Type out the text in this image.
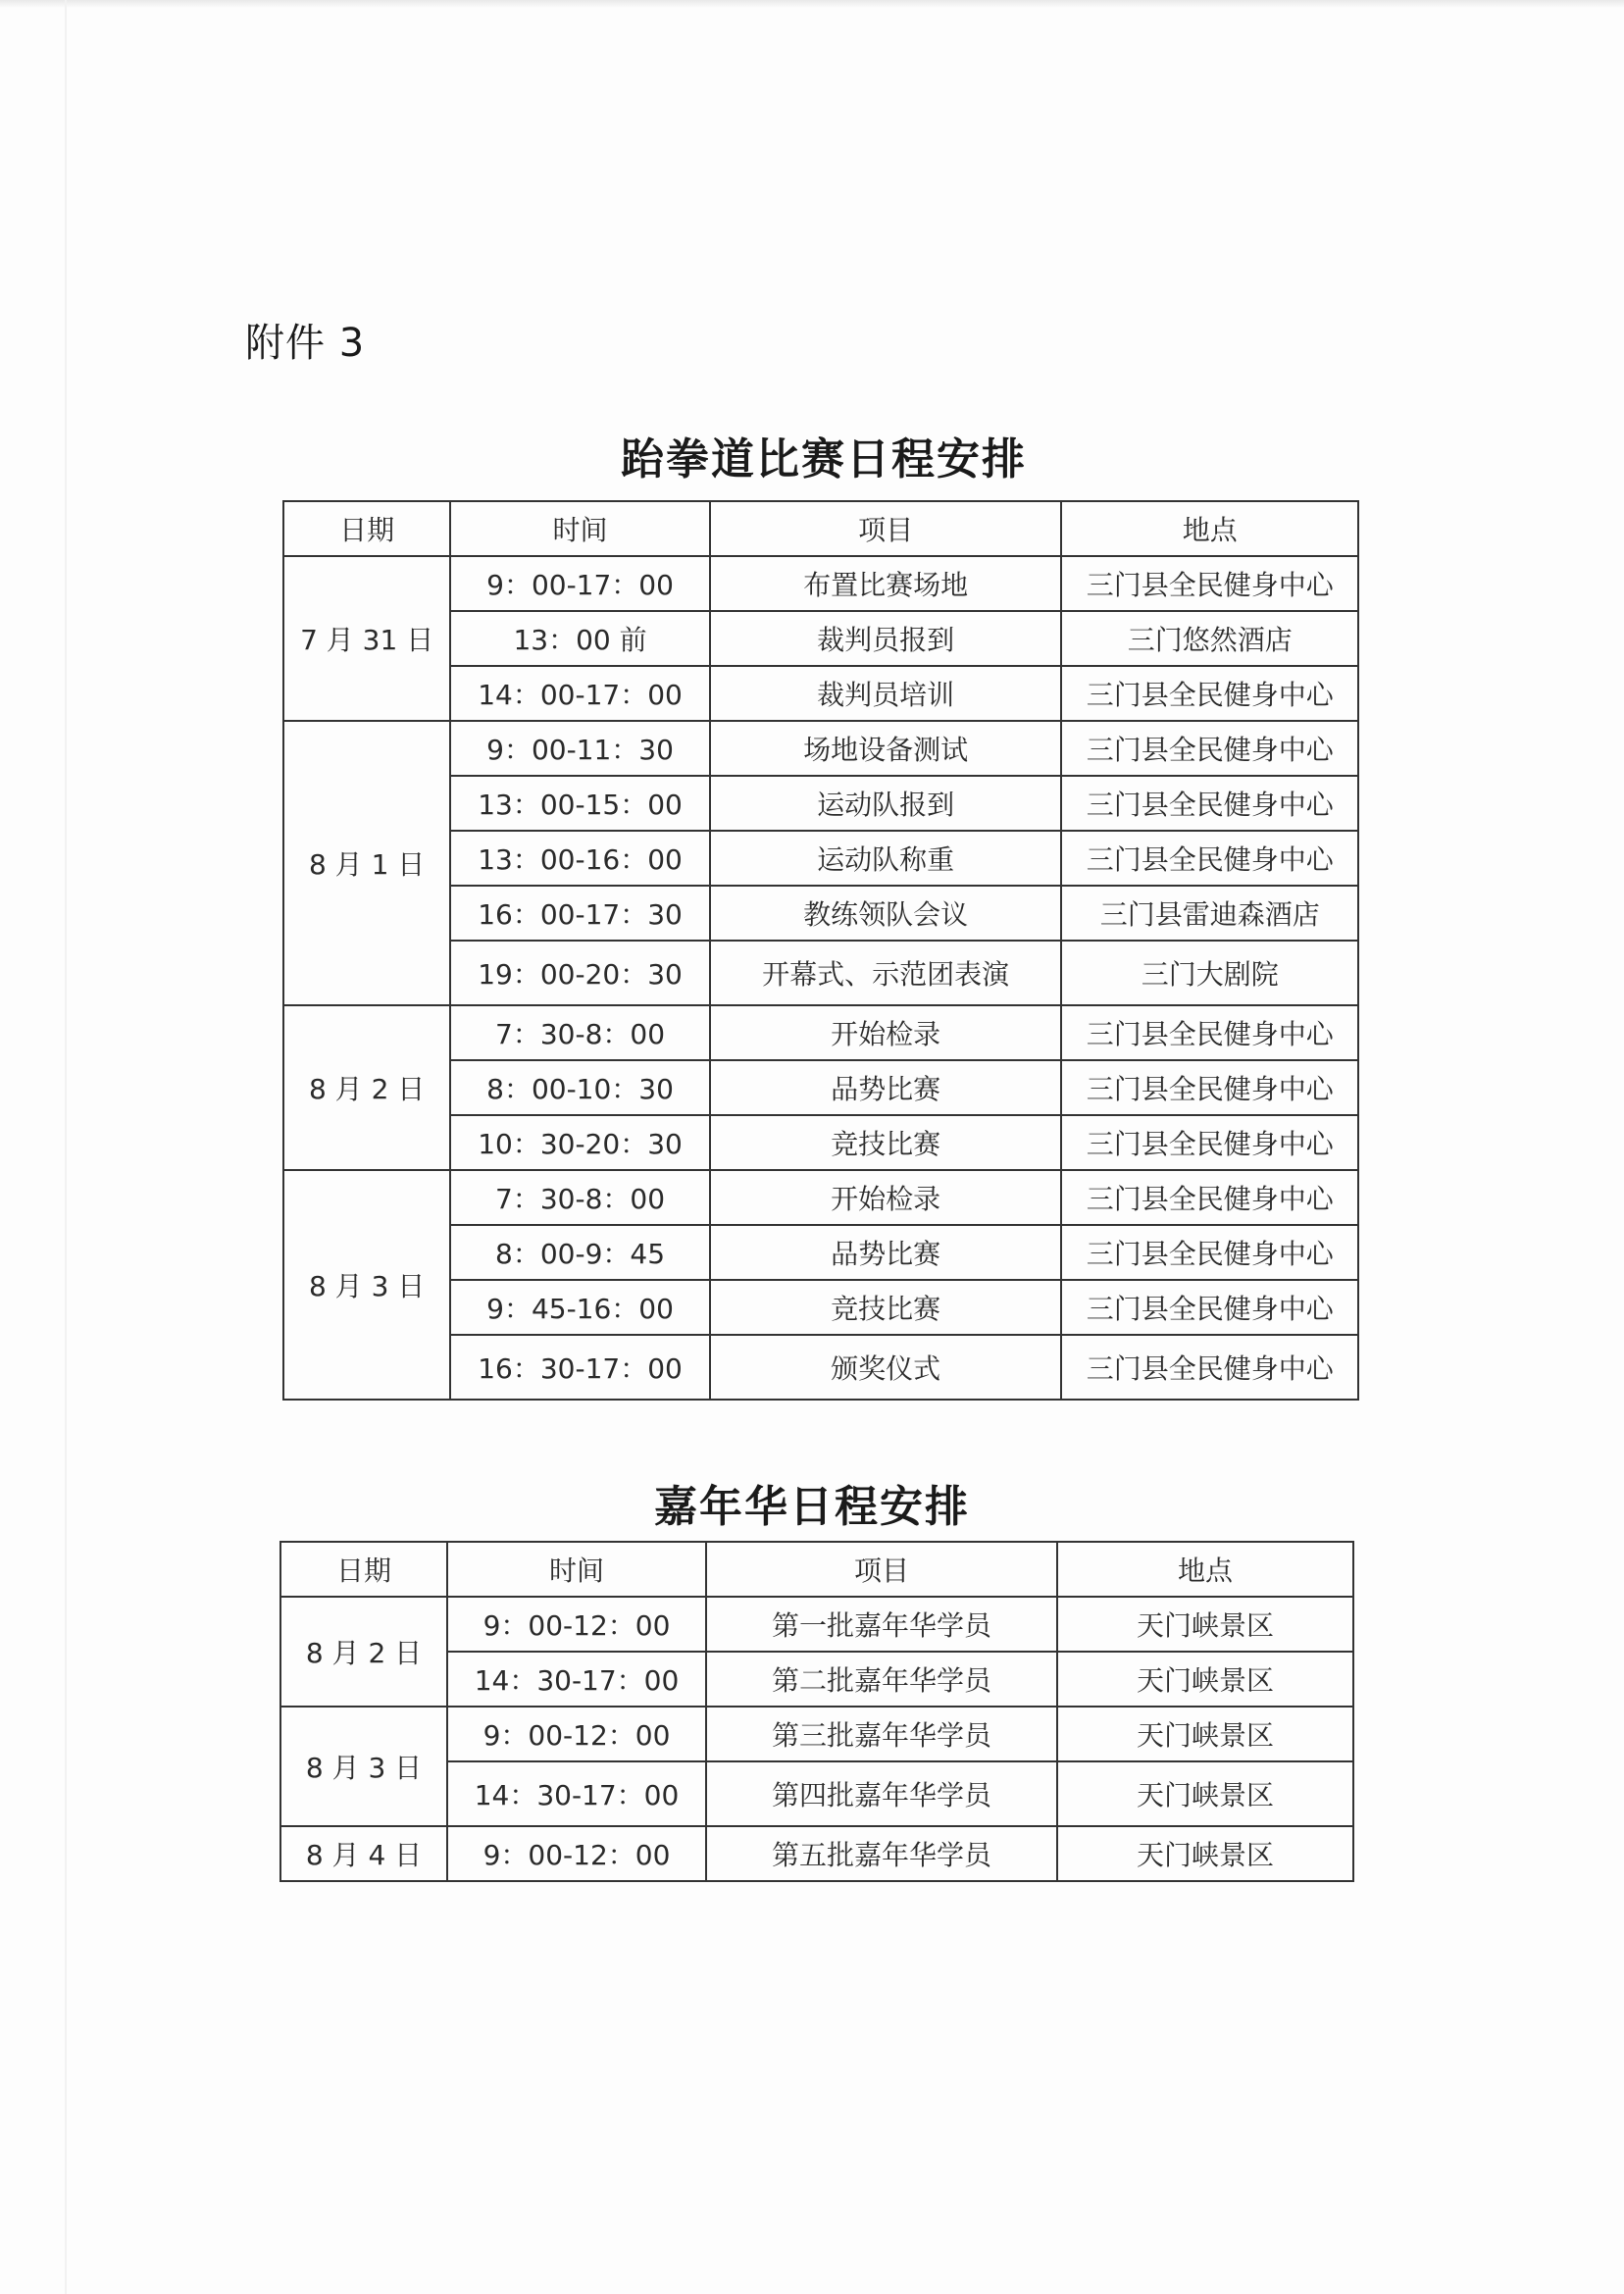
附件 3
跆拳道比赛日程安排
日期	时间	项目	地点
7 月 31 日	9：00-17：00	布置比赛场地	三门县全民健身中心
	13：00 前	裁判员报到	三门悠然酒店
	14：00-17：00	裁判员培训	三门县全民健身中心
8 月 1 日	9：00-11：30	场地设备测试	三门县全民健身中心
	13：00-15：00	运动队报到	三门县全民健身中心
	13：00-16：00	运动队称重	三门县全民健身中心
	16：00-17：30	教练领队会议	三门县雷迪森酒店
	19：00-20：30	开幕式、示范团表演	三门大剧院
8 月 2 日	7：30-8：00	开始检录	三门县全民健身中心
	8：00-10：30	品势比赛	三门县全民健身中心
	10：30-20：30	竞技比赛	三门县全民健身中心
8 月 3 日	7：30-8：00	开始检录	三门县全民健身中心
	8：00-9：45	品势比赛	三门县全民健身中心
	9：45-16：00	竞技比赛	三门县全民健身中心
	16：30-17：00	颁奖仪式	三门县全民健身中心
嘉年华日程安排
日期	时间	项目	地点
8 月 2 日	9：00-12：00	第一批嘉年华学员	天门峡景区
	14：30-17：00	第二批嘉年华学员	天门峡景区
8 月 3 日	9：00-12：00	第三批嘉年华学员	天门峡景区
	14：30-17：00	第四批嘉年华学员	天门峡景区
8 月 4 日	9：00-12：00	第五批嘉年华学员	天门峡景区
